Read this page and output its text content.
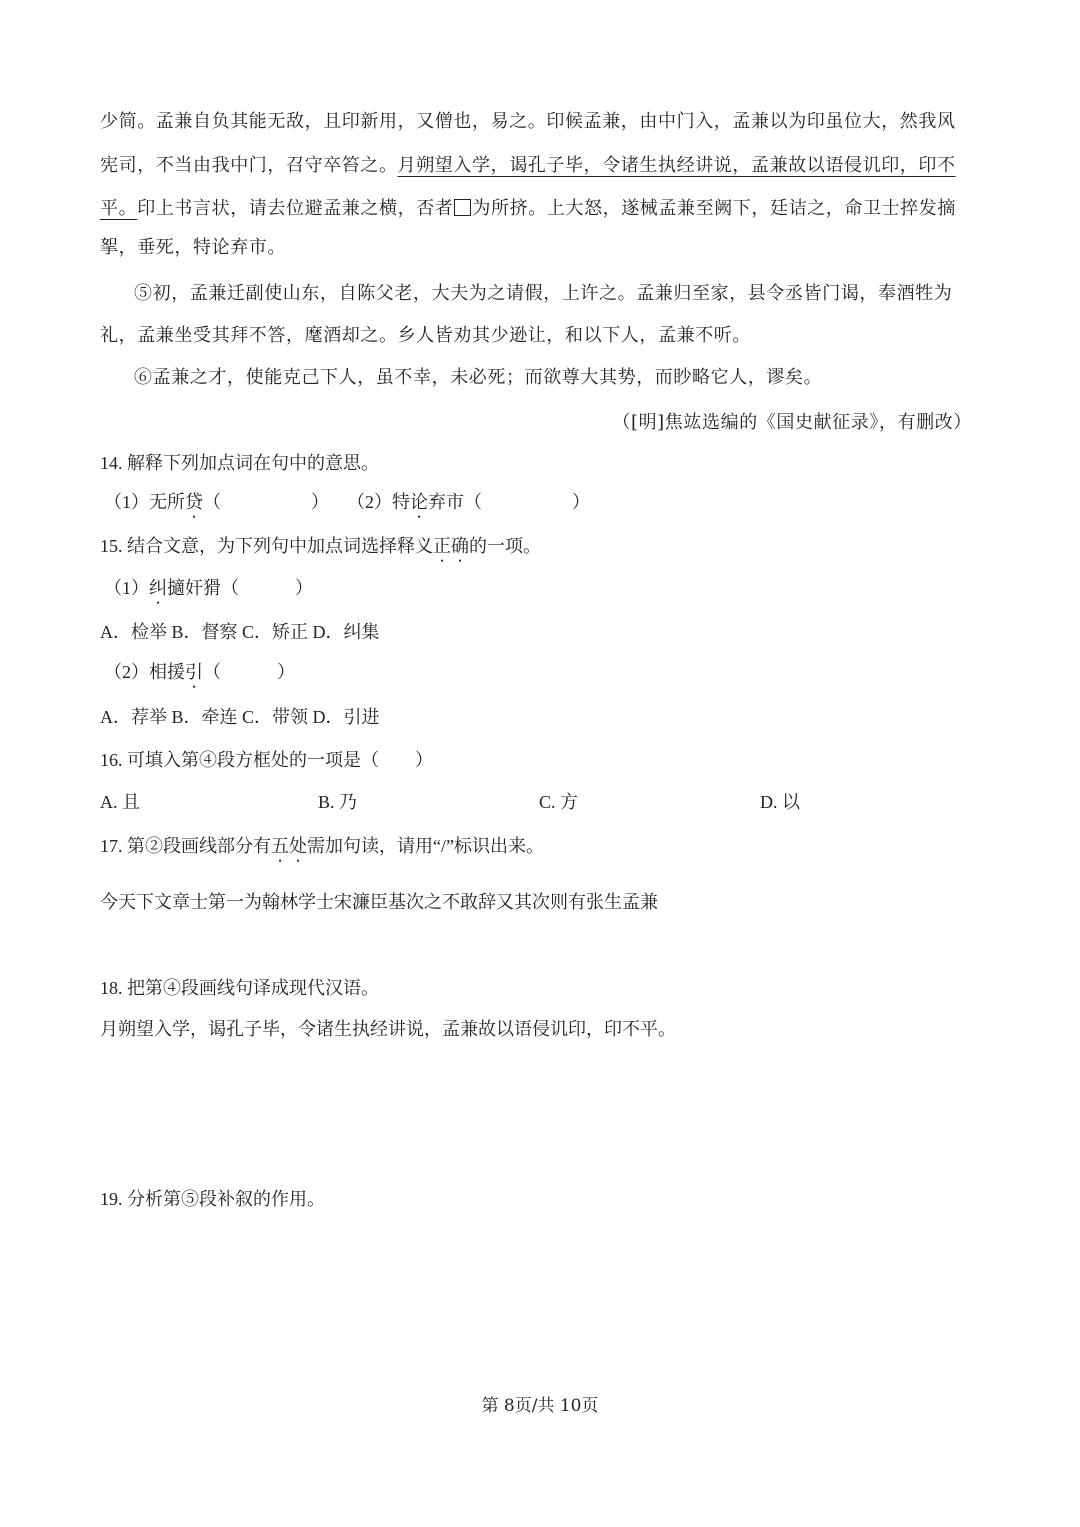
少简。孟兼自负其能无敌，且印新用，又僧也，易之。印候孟兼，由中门入，孟兼以为印虽位大，然我风
宪司，不当由我中门，召守卒笞之。月朔望入学，谒孔子毕，令诸生执经讲说，孟兼故以语侵讥印，印不
平。印上书言状，请去位避孟兼之横，否者 为所挤。上大怒，遂械孟兼至阙下，廷诘之，命卫士捽发摘
挐，垂死，特论弃市。
⑤初，孟兼迁副使山东，自陈父老，大夫为之请假，上许之。孟兼归至家，县令丞皆门谒，奉酒牲为
礼，孟兼坐受其拜不答，麾酒却之。乡人皆劝其少逊让，和以下人，孟兼不听。
⑥孟兼之才，使能克己下人，虽不幸，未必死；而欲尊大其势，而眇略它人，谬矣。
（[明]焦竑选编的《国史献征录》，有删改）
14. 解释下列加点词在句中的意思。
（1）无所贷（	） （2）特论弃市（	）
15. 结合文意，为下列句中加点词选择释义正确的一项。
（1）纠擿奸猾（	）
A．检举 B．督察 C．矫正 D．纠集
（2）相援引（	）
A．荐举 B．牵连 C．带领 D．引进
16. 可填入第④段方框处的一项是（　　）
A. 且	B. 乃	C. 方	D. 以
17. 第②段画线部分有五处需加句读，请用“/”标识出来。
今天下文章士第一为翰林学士宋濂臣基次之不敢辞又其次则有张生孟兼
18. 把第④段画线句译成现代汉语。
月朔望入学，谒孔子毕，令诸生执经讲说，孟兼故以语侵讥印，印不平。
19. 分析第⑤段补叙的作用。
第 8页/共 10页
